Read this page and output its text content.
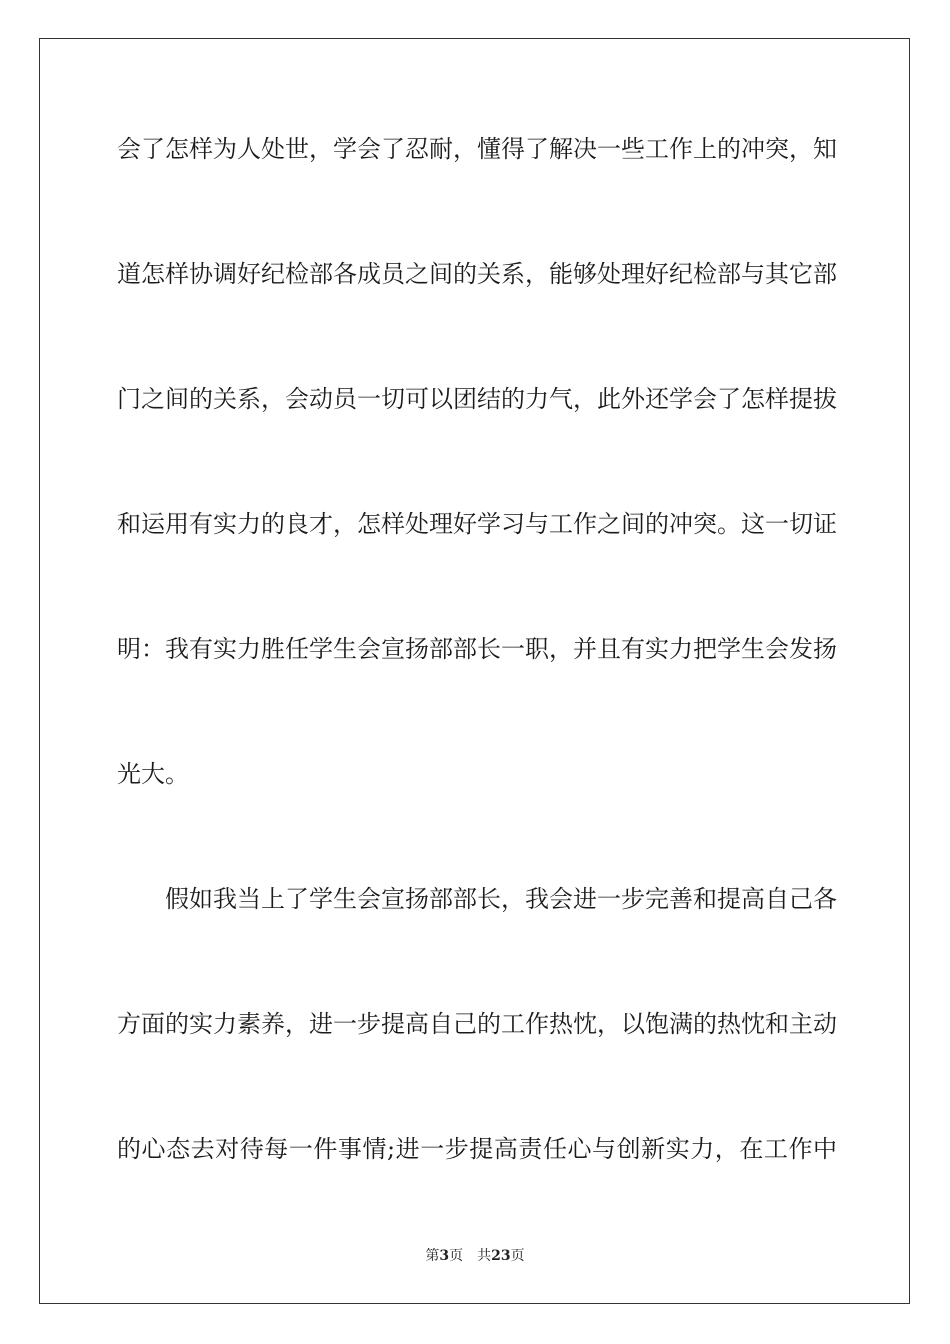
会了怎样为人处世，学会了忍耐，懂得了解决一些工作上的冲突，知
道怎样协调好纪检部各成员之间的关系，能够处理好纪检部与其它部
门之间的关系，会动员一切可以团结的力气，此外还学会了怎样提拔
和运用有实力的良才，怎样处理好学习与工作之间的冲突。这一切证
明：我有实力胜任学生会宣扬部部长一职，并且有实力把学生会发扬
光大。
假如我当上了学生会宣扬部部长，我会进一步完善和提高自己各
方面的实力素养，进一步提高自己的工作热忱，以饱满的热忱和主动
的心态去对待每一件事情;进一步提高责任心与创新实力，在工作中
第3页 共23页
